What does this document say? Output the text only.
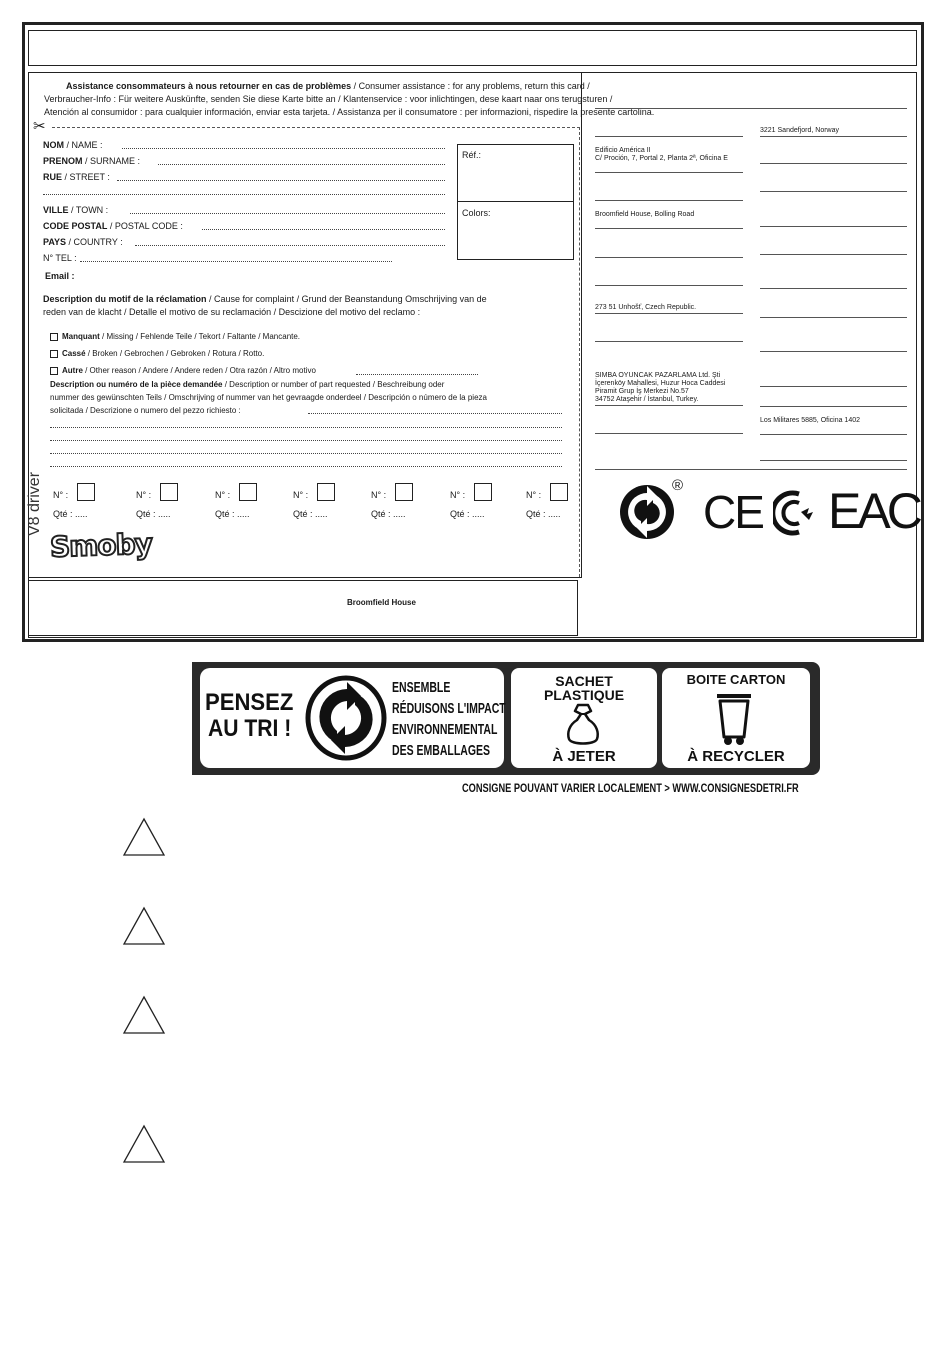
Assistance consommateurs à nous retourner en cas de problèmes / Consumer assistance : for any problems, return this card /
Verbraucher-Info : Für weitere Auskünfte, senden Sie diese Karte bitte an / Klantenservice : voor inlichtingen, dese kaart naar ons terugsturen /
Atención al consumidor : para cualquier información, enviar esta tarjeta. / Assistanza per il consumatore : per informazioni, rispedire la presente cartolina.
✂
NOM / NAME :
PRENOM / SURNAME :
RUE / STREET :
VILLE / TOWN :
CODE POSTAL / POSTAL CODE :
PAYS / COUNTRY :
N° TEL :
Email :
Réf.:
Colors:
Description du motif de la réclamation / Cause for complaint / Grund der Beanstandung Omschrijving van de
reden van de klacht / Detalle el motivo de su reclamación / Descizione del motivo del reclamo :
Manquant / Missing / Fehlende Teile / Tekort / Faltante / Mancante.
Cassé / Broken / Gebrochen / Gebroken / Rotura / Rotto.
Autre / Other reason / Andere / Andere reden / Otra razón / Altro motivo
Description ou numéro de la pièce demandée / Description or number of part requested / Beschreibung oder
nummer des gewünschten Teils / Omschrijving of nummer van het gevraagde onderdeel / Descripción o número de la pieza
solicitada / Descrizione o numero del pezzo richiesto :
N° :
Qté : .....
N° :
Qté : .....
N° :
Qté : .....
N° :
Qté : .....
N° :
Qté : .....
N° :
Qté : .....
N° :
Qté : .....
V8 driver
Smoby
Broomfield House
3221 Sandefjord, Norway
Edificio América II
C/ Proción, 7, Portal 2, Planta 2ª, Oficina E
Broomfield House, Bolling Road
273 51 Unhošť, Czech Republic.
SIMBA OYUNCAK PAZARLAMA Ltd. Şti
İçerenköy Mahallesi, Huzur Hoca Caddesi
Piramit Grup İş Merkezi No.57
34752 Ataşehir / İstanbul, Turkey.
Los Militares 5885, Oficina 1402
®
CE EAC
PENSEZ
AU TRI !
ENSEMBLE
RÉDUISONS L'IMPACT
ENVIRONNEMENTAL
DES EMBALLAGES
SACHET
PLASTIQUE
À JETER
BOITE CARTON
À RECYCLER
CONSIGNE POUVANT VARIER LOCALEMENT > WWW.CONSIGNESDETRI.FR
